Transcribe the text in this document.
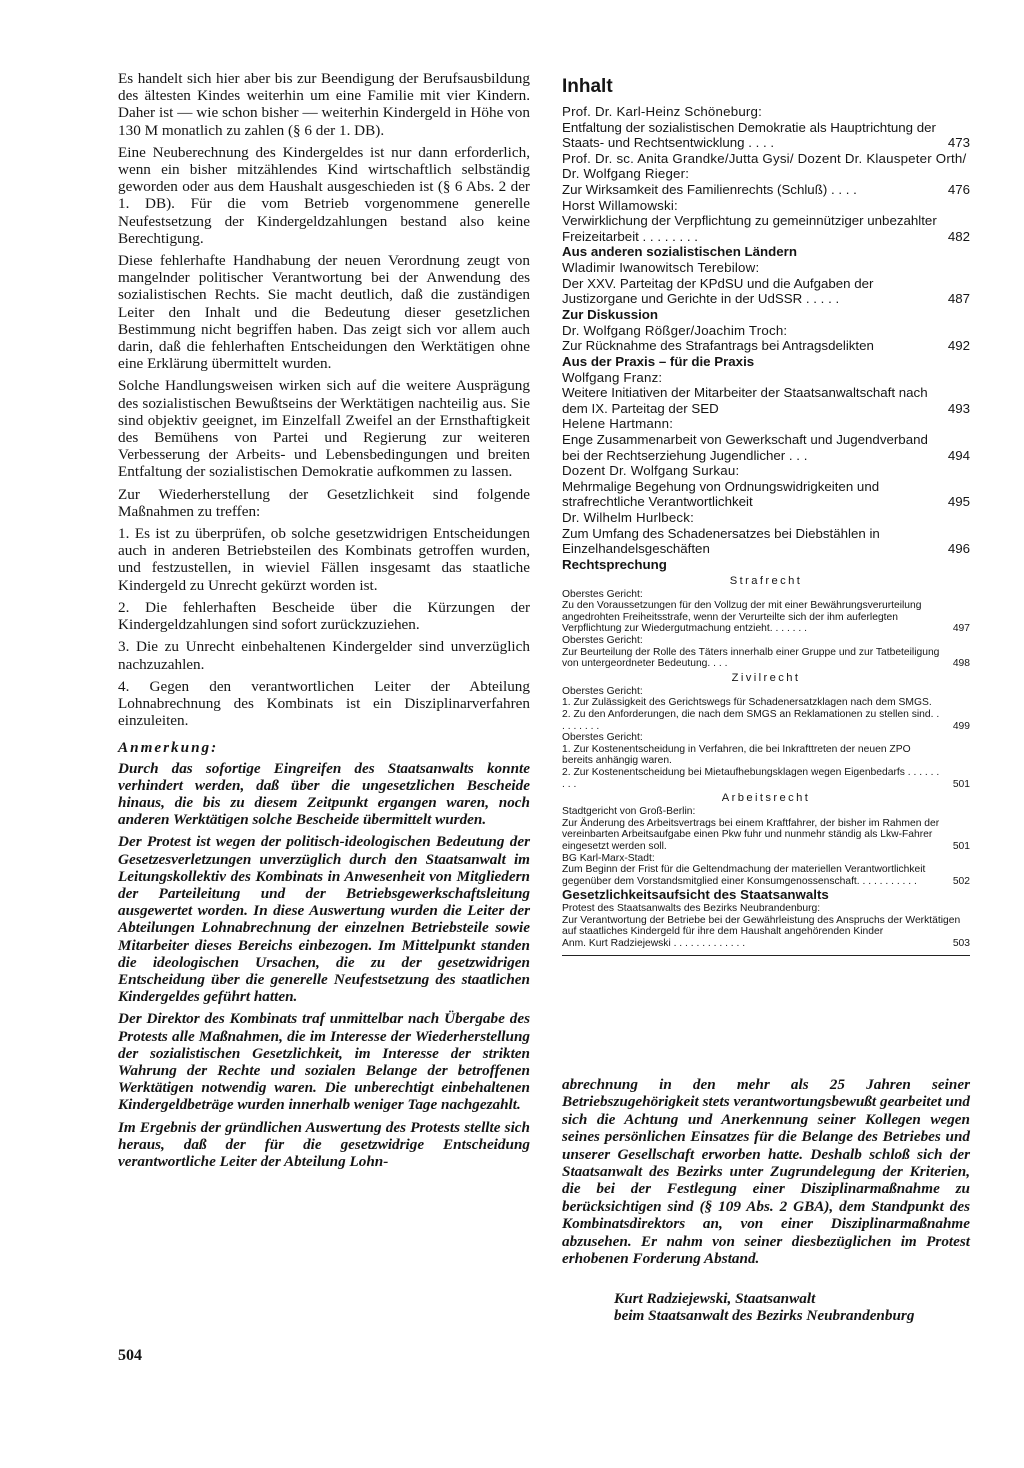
Es handelt sich hier aber bis zur Beendigung der Berufsausbildung des ältesten Kindes weiterhin um eine Familie mit vier Kindern. Daher ist — wie schon bisher — weiterhin Kindergeld in Höhe von 130 M monatlich zu zahlen (§ 6 der 1. DB).

Eine Neuberechnung des Kindergeldes ist nur dann erforderlich, wenn ein bisher mitzählendes Kind wirtschaftlich selbständig geworden oder aus dem Haushalt ausgeschieden ist (§ 6 Abs. 2 der 1. DB). Für die vom Betrieb vorgenommene generelle Neufestsetzung der Kindergeldzahlungen bestand also keine Berechtigung.

Diese fehlerhafte Handhabung der neuen Verordnung zeugt von mangelnder politischer Verantwortung bei der Anwendung des sozialistischen Rechts. Sie macht deutlich, daß die zuständigen Leiter den Inhalt und die Bedeutung dieser gesetzlichen Bestimmung nicht begriffen haben. Das zeigt sich vor allem auch darin, daß die fehlerhaften Entscheidungen den Werktätigen ohne eine Erklärung übermittelt wurden.

Solche Handlungsweisen wirken sich auf die weitere Ausprägung des sozialistischen Bewußtseins der Werktätigen nachteilig aus. Sie sind objektiv geeignet, im Einzelfall Zweifel an der Ernsthaftigkeit des Bemühens von Partei und Regierung zur weiteren Verbesserung der Arbeits- und Lebensbedingungen und breiten Entfaltung der sozialistischen Demokratie aufkommen zu lassen.

Zur Wiederherstellung der Gesetzlichkeit sind folgende Maßnahmen zu treffen:

1. Es ist zu überprüfen, ob solche gesetzwidrigen Entscheidungen auch in anderen Betriebsteilen des Kombinats getroffen wurden, und festzustellen, in wieviel Fällen insgesamt das staatliche Kindergeld zu Unrecht gekürzt worden ist.

2. Die fehlerhaften Bescheide über die Kürzungen der Kindergeldzahlungen sind sofort zurückzuziehen.

3. Die zu Unrecht einbehaltenen Kindergelder sind unverzüglich nachzuzahlen.

4. Gegen den verantwortlichen Leiter der Abteilung Lohnabrechnung des Kombinats ist ein Disziplinarverfahren einzuleiten.

Anmerkung:

Durch das sofortige Eingreifen des Staatsanwalts konnte verhindert werden, daß über die ungesetzlichen Bescheide hinaus, die bis zu diesem Zeitpunkt ergangen waren, noch anderen Werktätigen solche Bescheide übermittelt wurden.

Der Protest ist wegen der politisch-ideologischen Bedeutung der Gesetzesverletzungen unverzüglich durch den Staatsanwalt im Leitungskollektiv des Kombinats in Anwesenheit von Mitgliedern der Parteileitung und der Betriebsgewerkschaftsleitung ausgewertet worden. In diese Auswertung wurden die Leiter der Abteilungen Lohnabrechnung der einzelnen Betriebsteile sowie Mitarbeiter dieses Bereichs einbezogen. Im Mittelpunkt standen die ideologischen Ursachen, die zu der gesetzwidrigen Entscheidung über die generelle Neufestsetzung des staatlichen Kindergeldes geführt hatten.

Der Direktor des Kombinats traf unmittelbar nach Übergabe des Protests alle Maßnahmen, die im Interesse der Wiederherstellung der sozialistischen Gesetzlichkeit, im Interesse der strikten Wahrung der Rechte und sozialen Belange der betroffenen Werktätigen notwendig waren. Die unberechtigt einbehaltenen Kindergeldbeträge wurden innerhalb weniger Tage nachgezahlt.

Im Ergebnis der gründlichen Auswertung des Protests stellte sich heraus, daß der für die gesetzwidrige Entscheidung verantwortliche Leiter der Abteilung Lohn-

Inhalt
Prof. Dr. Karl-Heinz Schöneburg:
Entfaltung der sozialistischen Demokratie als Hauptrichtung der Staats- und Rechtsentwicklung . . . .	473
Prof. Dr. sc. Anita Grandke/Jutta Gysi/ Dozent Dr. Klauspeter Orth/ Dr. Wolfgang Rieger:
Zur Wirksamkeit des Familienrechts (Schluß) . . . .	476
Horst Willamowski:
Verwirklichung der Verpflichtung zu gemeinnütziger unbezahlter Freizeitarbeit . . . . . . . .	482
Aus anderen sozialistischen Ländern
Wladimir Iwanowitsch Terebilow:
Der XXV. Parteitag der KPdSU und die Aufgaben der Justizorgane und Gerichte in der UdSSR . . . . .	487
Zur Diskussion
Dr. Wolfgang Rößger/Joachim Troch:
Zur Rücknahme des Strafantrags bei Antragsdelikten	492
Aus der Praxis – für die Praxis
Wolfgang Franz:
Weitere Initiativen der Mitarbeiter der Staatsanwaltschaft nach dem IX. Parteitag der SED	493
Helene Hartmann:
Enge Zusammenarbeit von Gewerkschaft und Jugendverband bei der Rechtserziehung Jugendlicher . . .	494
Dozent Dr. Wolfgang Surkau:
Mehrmalige Begehung von Ordnungswidrigkeiten und strafrechtliche Verantwortlichkeit	495
Dr. Wilhelm Hurlbeck:
Zum Umfang des Schadenersatzes bei Diebstählen in Einzelhandelsgeschäften	496
Rechtsprechung
Strafrecht
Oberstes Gericht:
Zu den Voraussetzungen für den Vollzug der mit einer Bewährungsverurteilung angedrohten Freiheitsstrafe, wenn der Verurteilte sich der ihm auferlegten Verpflichtung zur Wiedergutmachung entzieht. . . . . . .	497
Oberstes Gericht:
Zur Beurteilung der Rolle des Täters innerhalb einer Gruppe und zur Tatbeteiligung von untergeordneter Bedeutung. . . .	498
Zivilrecht
Oberstes Gericht:
1. Zur Zulässigkeit des Gerichtswegs für Schadenersatzklagen nach dem SMGS.
2. Zu den Anforderungen, die nach dem SMGS an Reklamationen zu stellen sind. . . . . . . . .	499
Oberstes Gericht:
1. Zur Kostenentscheidung in Verfahren, die bei Inkrafttreten der neuen ZPO bereits anhängig waren.
2. Zur Kostenentscheidung bei Mietaufhebungsklagen wegen Eigenbedarfs . . . . . . . . .	501
Arbeitsrecht
Stadtgericht von Groß-Berlin:
Zur Änderung des Arbeitsvertrags bei einem Kraftfahrer, der bisher im Rahmen der vereinbarten Arbeitsaufgabe einen Pkw fuhr und nunmehr ständig als Lkw-Fahrer eingesetzt werden soll.	501
BG Karl-Marx-Stadt:
Zum Beginn der Frist für die Geltendmachung der materiellen Verantwortlichkeit gegenüber dem Vorstandsmitglied einer Konsumgenossenschaft. . . . . . . . . . .	502
Gesetzlichkeitsaufsicht des Staatsanwalts
Protest des Staatsanwalts des Bezirks Neubrandenburg:
Zur Verantwortung der Betriebe bei der Gewährleistung des Anspruchs der Werktätigen auf staatliches Kindergeld für ihre dem Haushalt angehörenden Kinder
Anm. Kurt Radziejewski . . . . . . . . . . . . .	503

abrechnung in den mehr als 25 Jahren seiner Betriebszugehörigkeit stets verantwortungsbewußt gearbeitet und sich die Achtung und Anerkennung seiner Kollegen wegen seines persönlichen Einsatzes für die Belange des Betriebes und unserer Gesellschaft erworben hatte. Deshalb schloß sich der Staatsanwalt des Bezirks unter Zugrundelegung der Kriterien, die bei der Festlegung einer Disziplinarmaßnahme zu berücksichtigen sind (§ 109 Abs. 2 GBA), dem Standpunkt des Kombinatsdirektors an, von einer Disziplinarmaßnahme abzusehen. Er nahm von seiner diesbezüglichen im Protest erhobenen Forderung Abstand.

Kurt Radziejewski, Staatsanwalt
beim Staatsanwalt des Bezirks Neubrandenburg
504
